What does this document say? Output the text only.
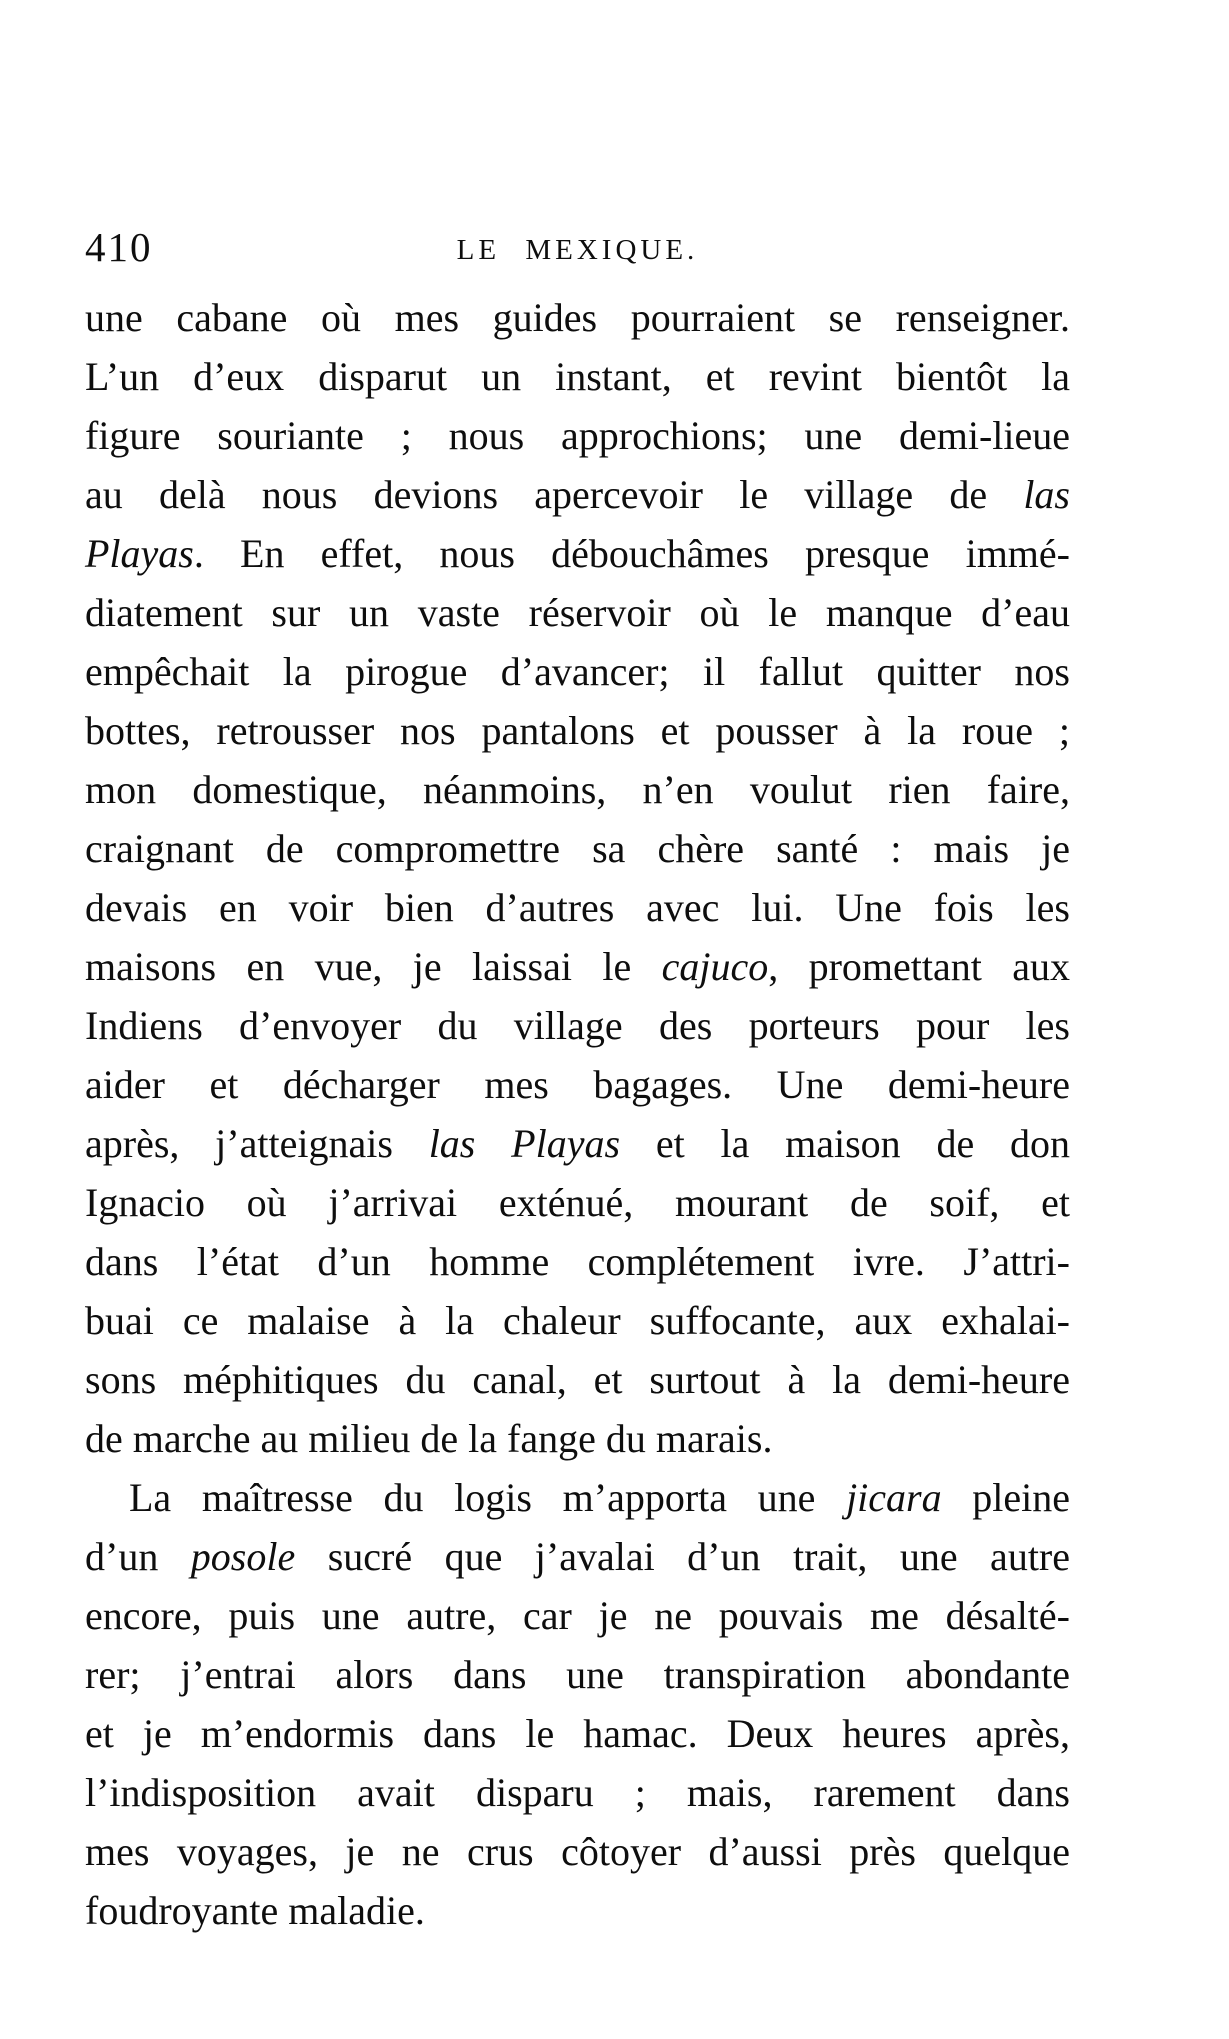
410	LE MEXIQUE.
une cabane où mes guides pourraient se renseigner.
L’un d’eux disparut un instant, et revint bientôt la
figure souriante ; nous approchions; une demi-lieue
au delà nous devions apercevoir le village de las
Playas. En effet, nous débouchâmes presque immé-
diatement sur un vaste réservoir où le manque d’eau
empêchait la pirogue d’avancer; il fallut quitter nos
bottes, retrousser nos pantalons et pousser à la roue ;
mon domestique, néanmoins, n’en voulut rien faire,
craignant de compromettre sa chère santé : mais je
devais en voir bien d’autres avec lui. Une fois les
maisons en vue, je laissai le cajuco, promettant aux
Indiens d’envoyer du village des porteurs pour les
aider et décharger mes bagages. Une demi-heure
après, j’atteignais las Playas et la maison de don
Ignacio où j’arrivai exténué, mourant de soif, et
dans l’état d’un homme complétement ivre. J’attri-
buai ce malaise à la chaleur suffocante, aux exhalai-
sons méphitiques du canal, et surtout à la demi-heure
de marche au milieu de la fange du marais.
La maîtresse du logis m’apporta une jicara pleine
d’un posole sucré que j’avalai d’un trait, une autre
encore, puis une autre, car je ne pouvais me désalté-
rer; j’entrai alors dans une transpiration abondante
et je m’endormis dans le hamac. Deux heures après,
l’indisposition avait disparu ; mais, rarement dans
mes voyages, je ne crus côtoyer d’aussi près quelque
foudroyante maladie.
